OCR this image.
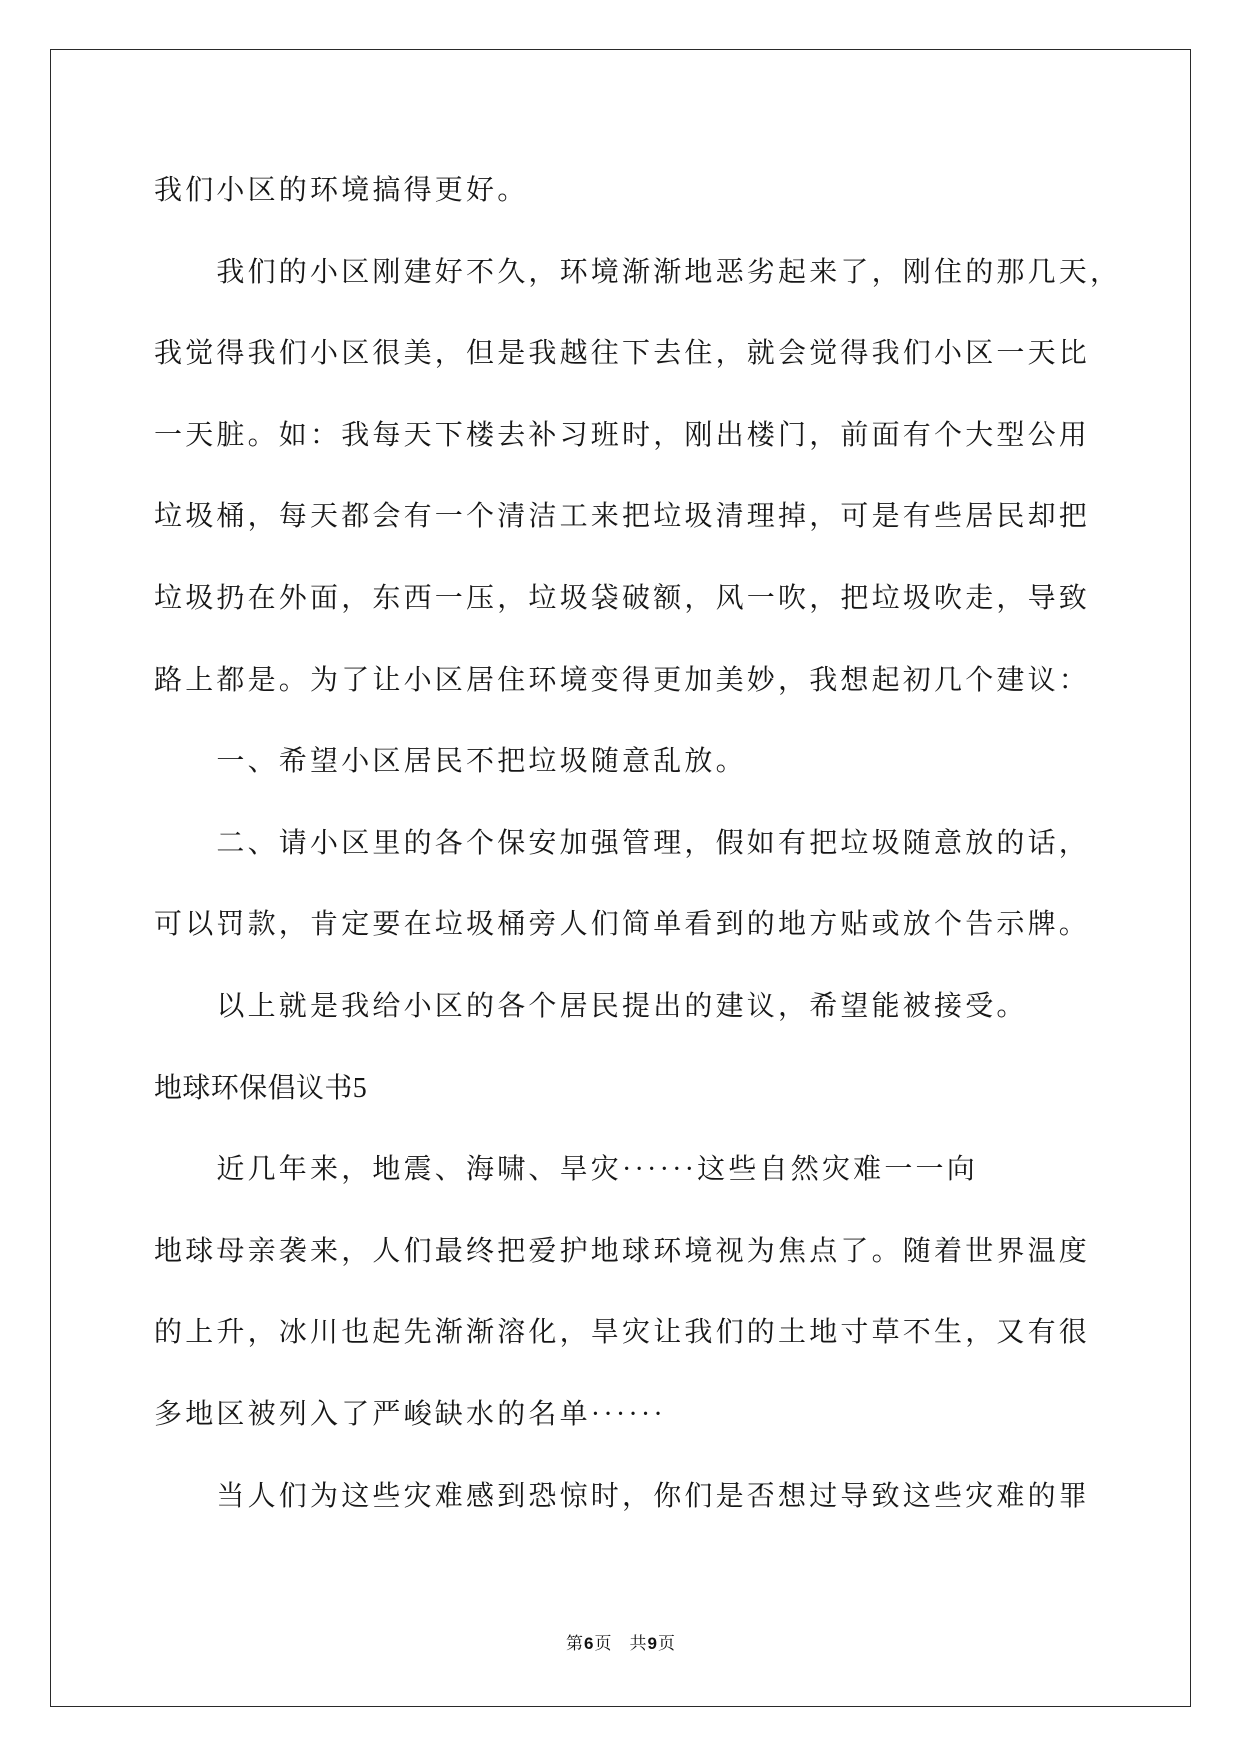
我们小区的环境搞得更好。
我们的小区刚建好不久，环境渐渐地恶劣起来了，刚住的那几天，
我觉得我们小区很美，但是我越往下去住，就会觉得我们小区一天比
一天脏。如：我每天下楼去补习班时，刚出楼门，前面有个大型公用
垃圾桶，每天都会有一个清洁工来把垃圾清理掉，可是有些居民却把
垃圾扔在外面，东西一压，垃圾袋破额，风一吹，把垃圾吹走，导致
路上都是。为了让小区居住环境变得更加美妙，我想起初几个建议：
一、希望小区居民不把垃圾随意乱放。
二、请小区里的各个保安加强管理，假如有把垃圾随意放的话，
可以罚款，肯定要在垃圾桶旁人们简单看到的地方贴或放个告示牌。
以上就是我给小区的各个居民提出的建议，希望能被接受。
地球环保倡议书5
近几年来，地震、海啸、旱灾······这些自然灾难一一向
地球母亲袭来，人们最终把爱护地球环境视为焦点了。随着世界温度
的上升，冰川也起先渐渐溶化，旱灾让我们的土地寸草不生，又有很
多地区被列入了严峻缺水的名单······
当人们为这些灾难感到恐惊时，你们是否想过导致这些灾难的罪
第6页 共9页
